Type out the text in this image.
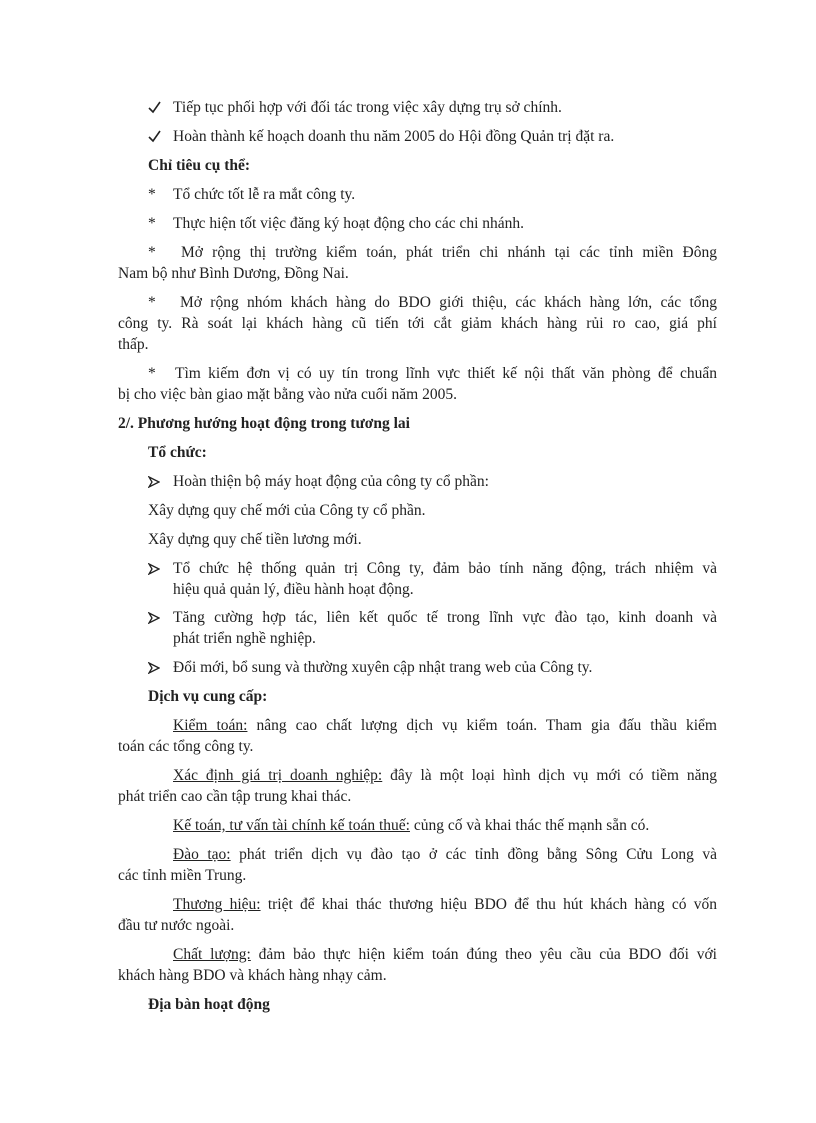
Tiếp tục phối hợp với đối tác trong việc xây dựng trụ sở chính.
Hoàn thành kế hoạch doanh thu năm 2005 do Hội đồng Quản trị đặt ra.
Chỉ tiêu cụ thể:
* Tổ chức tốt lễ ra mắt công ty.
* Thực hiện tốt việc đăng ký hoạt động cho các chi nhánh.
* Mở rộng thị trường kiểm toán, phát triển chi nhánh tại các tỉnh miền Đông
Nam bộ như Bình Dương, Đồng Nai.
* Mở rộng nhóm khách hàng do BDO giới thiệu, các khách hàng lớn, các tổng
công ty. Rà soát lại khách hàng cũ tiến tới cắt giảm khách hàng rủi ro cao, giá phí
thấp.
* Tìm kiếm đơn vị có uy tín trong lĩnh vực thiết kế nội thất văn phòng để chuẩn
bị cho việc bàn giao mặt bằng vào nửa cuối năm 2005.
2/. Phương hướng hoạt động trong tương lai
Tổ chức:
Hoàn thiện bộ máy hoạt động của công ty cổ phần:
Xây dựng quy chế mới của Công ty cổ phần.
Xây dựng quy chế tiền lương mới.
Tổ chức hệ thống quản trị Công ty, đảm bảo tính năng động, trách nhiệm và
hiệu quả quản lý, điều hành hoạt động.
Tăng cường hợp tác, liên kết quốc tế trong lĩnh vực đào tạo, kinh doanh và
phát triển nghề nghiệp.
Đổi mới, bổ sung và thường xuyên cập nhật trang web của Công ty.
Dịch vụ cung cấp:
Kiểm toán: nâng cao chất lượng dịch vụ kiểm toán. Tham gia đấu thầu kiểm
toán các tổng công ty.
Xác định giá trị doanh nghiệp: đây là một loại hình dịch vụ mới có tiềm năng
phát triển cao cần tập trung khai thác.
Kế toán, tư vấn tài chính kế toán thuế: củng cố và khai thác thế mạnh sẵn có.
Đào tạo: phát triển dịch vụ đào tạo ở các tỉnh đồng bằng Sông Cửu Long và
các tỉnh miền Trung.
Thương hiệu: triệt để khai thác thương hiệu BDO để thu hút khách hàng có vốn
đầu tư nước ngoài.
Chất lượng: đảm bảo thực hiện kiểm toán đúng theo yêu cầu của BDO đối với
khách hàng BDO và khách hàng nhạy cảm.
Địa bàn hoạt động
